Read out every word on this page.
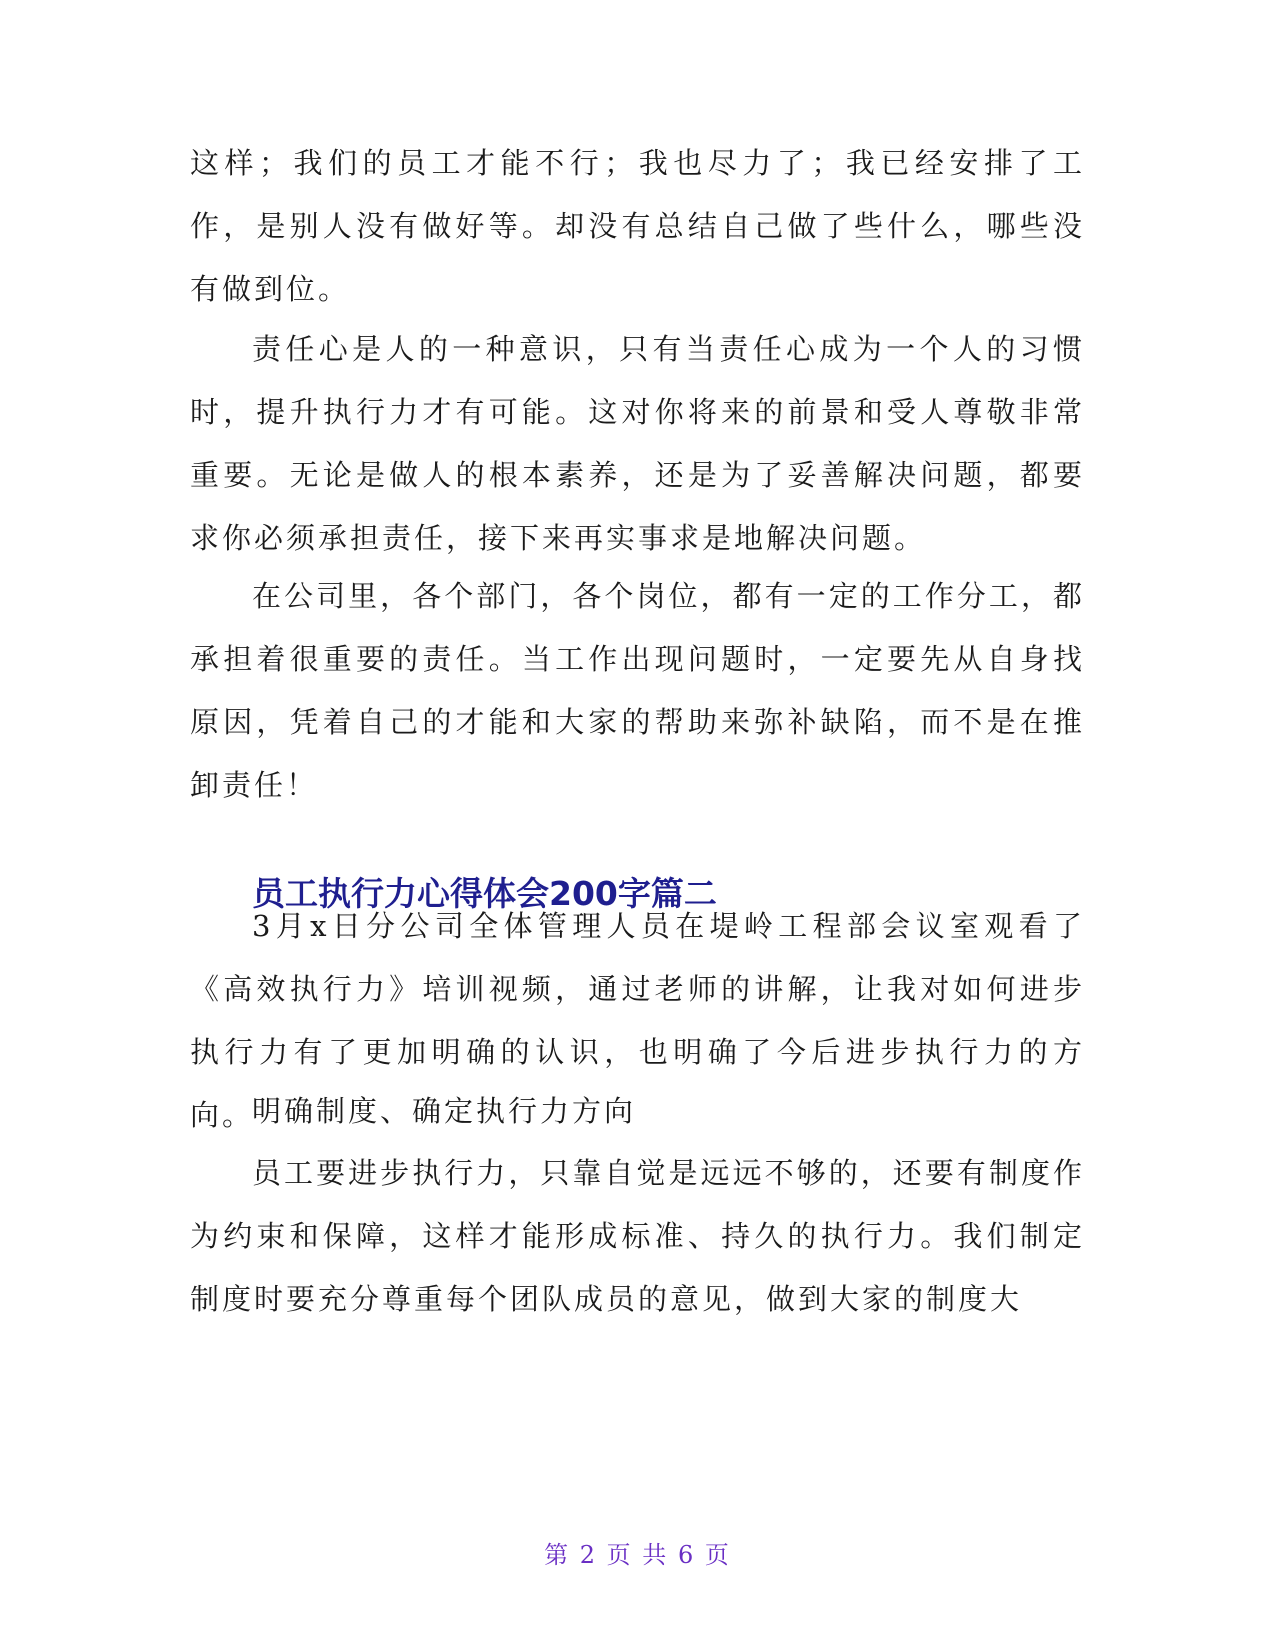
这样；我们的员工才能不行；我也尽力了；我已经安排了工作，是别人没有做好等。却没有总结自己做了些什么，哪些没有做到位。

责任心是人的一种意识，只有当责任心成为一个人的习惯时，提升执行力才有可能。这对你将来的前景和受人尊敬非常重要。无论是做人的根本素养，还是为了妥善解决问题，都要求你必须承担责任，接下来再实事求是地解决问题。

在公司里，各个部门，各个岗位，都有一定的工作分工，都承担着很重要的责任。当工作出现问题时，一定要先从自身找原因，凭着自己的才能和大家的帮助来弥补缺陷，而不是在推卸责任！

员工执行力心得体会200字篇二

3月x日分公司全体管理人员在堤岭工程部会议室观看了《高效执行力》培训视频，通过老师的讲解，让我对如何进步执行力有了更加明确的认识，也明确了今后进步执行力的方向。

明确制度、确定执行力方向

员工要进步执行力，只靠自觉是远远不够的，还要有制度作为约束和保障，这样才能形成标准、持久的执行力。我们制定制度时要充分尊重每个团队成员的意见，做到大家的制度大

第 2 页 共 6 页
